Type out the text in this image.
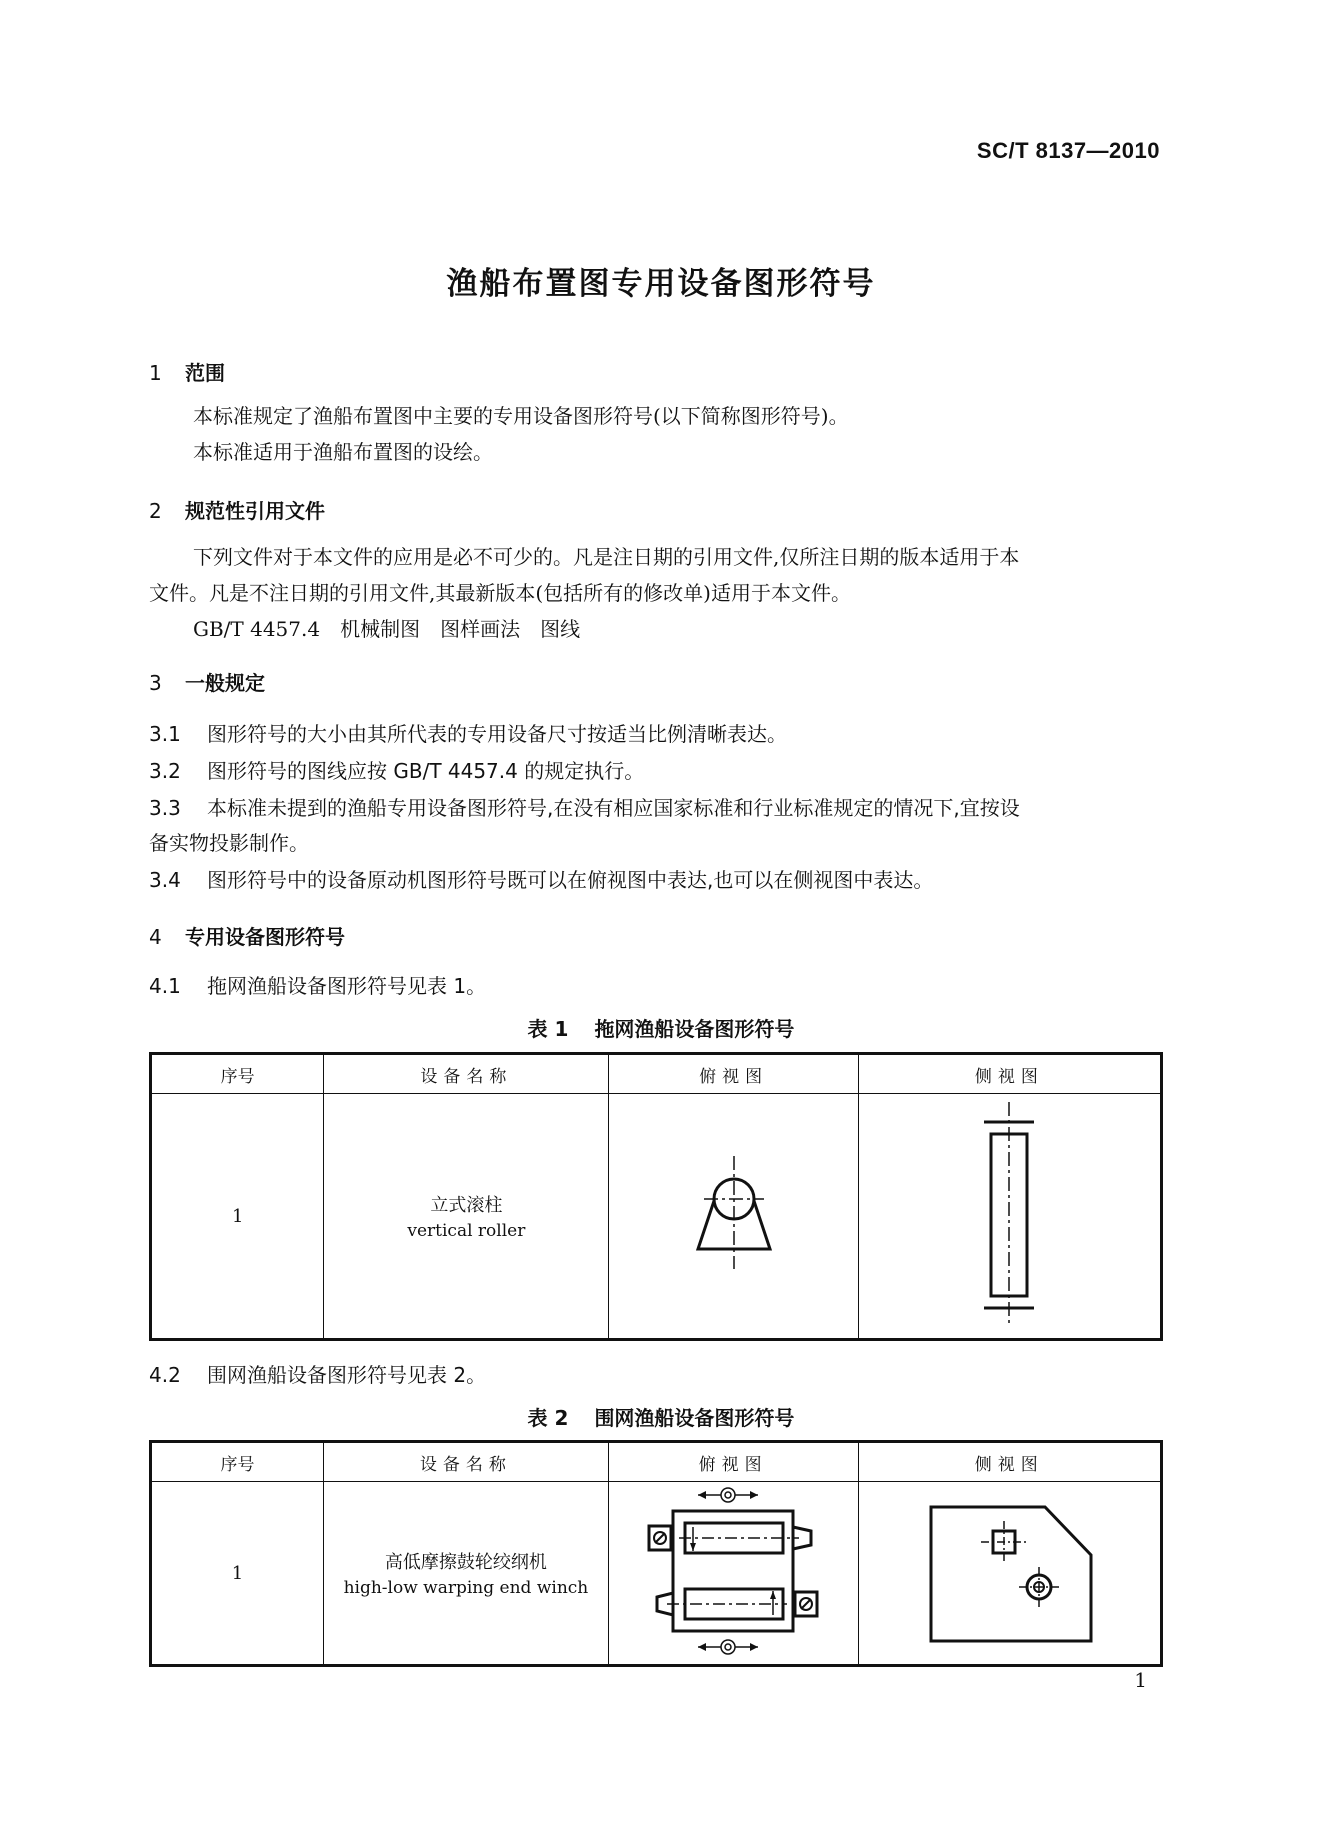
SC/T 8137—2010
渔船布置图专用设备图形符号
1 范围
本标准规定了渔船布置图中主要的专用设备图形符号(以下简称图形符号)。
本标准适用于渔船布置图的设绘。
2 规范性引用文件
下列文件对于本文件的应用是必不可少的。凡是注日期的引用文件,仅所注日期的版本适用于本
文件。凡是不注日期的引用文件,其最新版本(包括所有的修改单)适用于本文件。
GB/T 4457.4　机械制图　图样画法　图线
3 一般规定
3.1 图形符号的大小由其所代表的专用设备尺寸按适当比例清晰表达。
3.2 图形符号的图线应按 GB/T 4457.4 的规定执行。
3.3 本标准未提到的渔船专用设备图形符号,在没有相应国家标准和行业标准规定的情况下,宜按设
备实物投影制作。
3.4 图形符号中的设备原动机图形符号既可以在俯视图中表达,也可以在侧视图中表达。
4 专用设备图形符号
4.1 拖网渔船设备图形符号见表 1。
表 1 拖网渔船设备图形符号
序号	设备名称	俯视图	侧视图
1	立式滚柱
vertical roller

4.2 围网渔船设备图形符号见表 2。
表 2 围网渔船设备图形符号
序号	设备名称	俯视图	侧视图
1	高低摩擦鼓轮绞纲机
high-low warping end winch

1
